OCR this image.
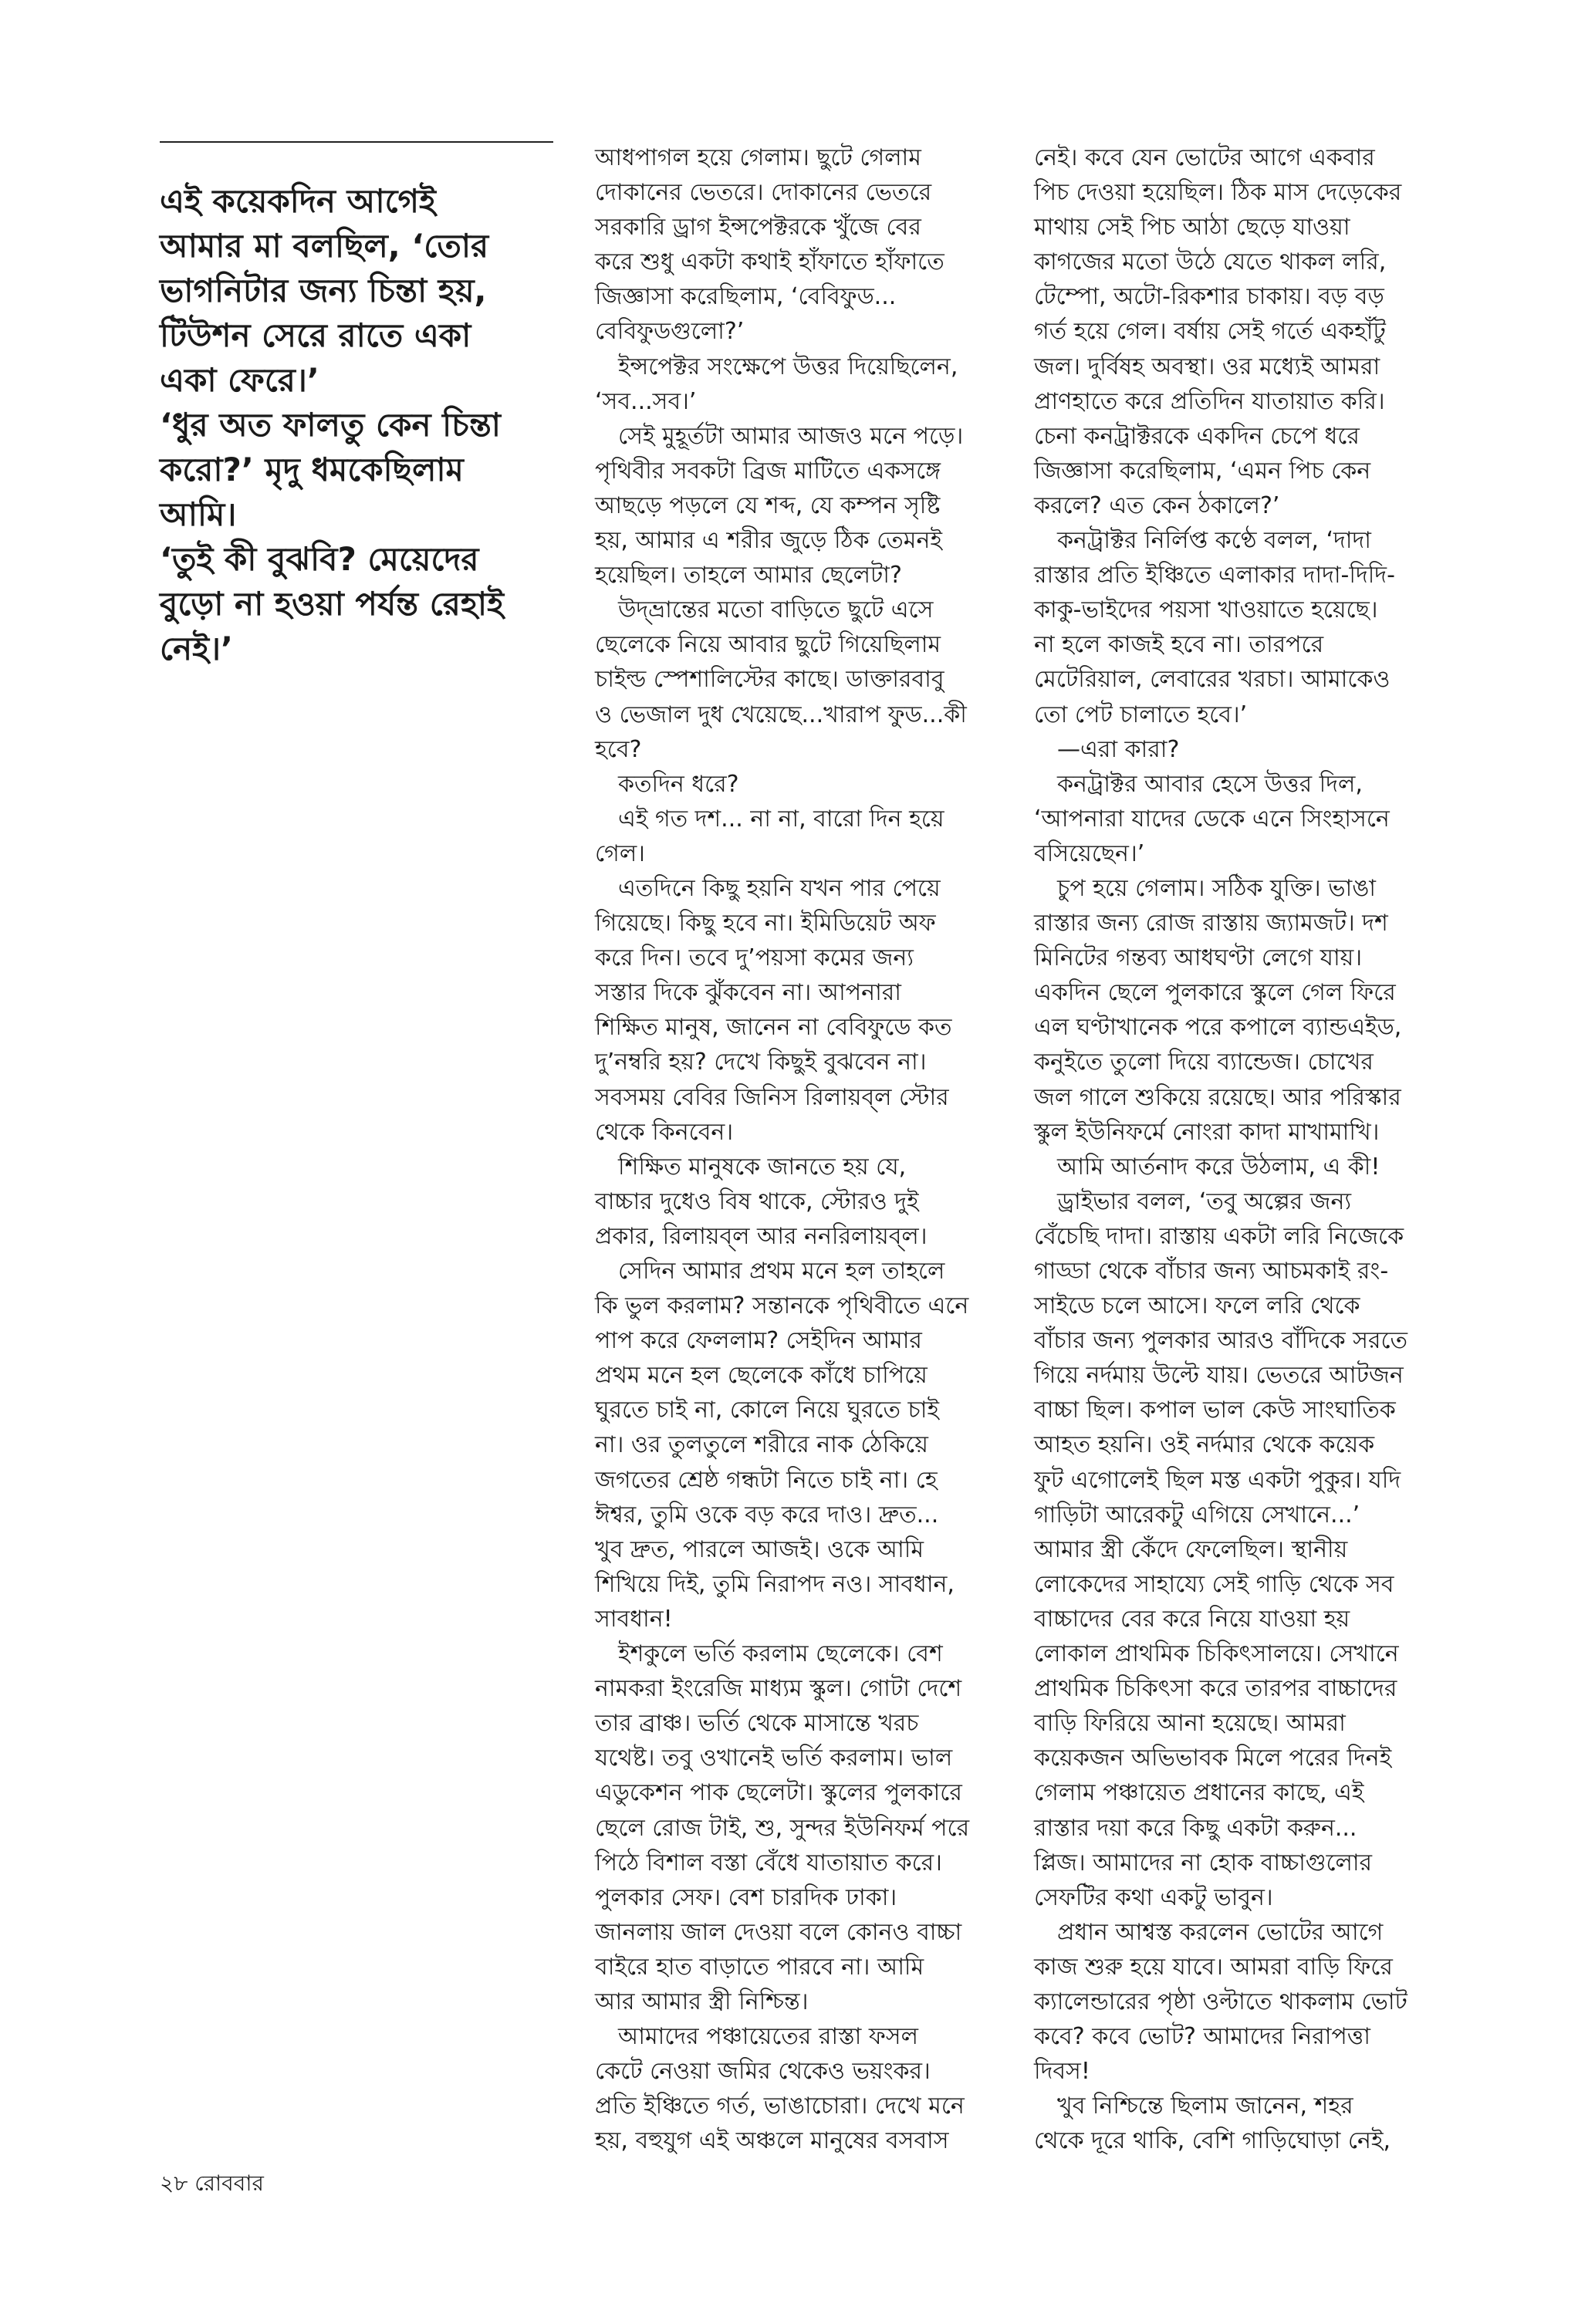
এই কয়েকদিন আগেই
আমার মা বলছিল, ‘তোর
ভাগনিটার জন্য চিন্তা হয়,
টিউশন সেরে রাতে একা
একা ফেরে।’
‘ধুর অত ফালতু কেন চিন্তা
করো?’ মৃদু ধমকেছিলাম
আমি।
‘তুই কী বুঝবি? মেয়েদের
বুড়ো না হওয়া পর্যন্ত রেহাই
নেই।’
আধপাগল হয়ে গেলাম। ছুটে গেলাম
দোকানের ভেতরে। দোকানের ভেতরে
সরকারি ড্রাগ ইন্সপেক্টরকে খুঁজে বের
করে শুধু একটা কথাই হাঁফাতে হাঁফাতে
জিজ্ঞাসা করেছিলাম, ‘বেবিফুড...
বেবিফুডগুলো?’
ইন্সপেক্টর সংক্ষেপে উত্তর দিয়েছিলেন,
‘সব...সব।’
সেই মুহূর্তটা আমার আজও মনে পড়ে।
পৃথিবীর সবকটা ব্রিজ মাটিতে একসঙ্গে
আছড়ে পড়লে যে শব্দ, যে কম্পন সৃষ্টি
হয়, আমার এ শরীর জুড়ে ঠিক তেমনই
হয়েছিল। তাহলে আমার ছেলেটা?
উদ্‌ভ্রান্তের মতো বাড়িতে ছুটে এসে
ছেলেকে নিয়ে আবার ছুটে গিয়েছিলাম
চাইল্ড স্পেশালিস্টের কাছে। ডাক্তারবাবু
ও ভেজাল দুধ খেয়েছে...খারাপ ফুড...কী
হবে?
কতদিন ধরে?
এই গত দশ... না না, বারো দিন হয়ে
গেল।
এতদিনে কিছু হয়নি যখন পার পেয়ে
গিয়েছে। কিছু হবে না। ইমিডিয়েট অফ
করে দিন। তবে দু’পয়সা কমের জন্য
সস্তার দিকে ঝুঁকবেন না। আপনারা
শিক্ষিত মানুষ, জানেন না বেবিফুডে কত
দু’নম্বরি হয়? দেখে কিছুই বুঝবেন না।
সবসময় বেবির জিনিস রিলায়ব্‌ল স্টোর
থেকে কিনবেন।
শিক্ষিত মানুষকে জানতে হয় যে,
বাচ্চার দুধেও বিষ থাকে, স্টোরও দুই
প্রকার, রিলায়ব্‌ল আর ননরিলায়ব্‌ল।
সেদিন আমার প্রথম মনে হল তাহলে
কি ভুল করলাম? সন্তানকে পৃথিবীতে এনে
পাপ করে ফেললাম? সেইদিন আমার
প্রথম মনে হল ছেলেকে কাঁধে চাপিয়ে
ঘুরতে চাই না, কোলে নিয়ে ঘুরতে চাই
না। ওর তুলতুলে শরীরে নাক ঠেকিয়ে
জগতের শ্রেষ্ঠ গন্ধটা নিতে চাই না। হে
ঈশ্বর, তুমি ওকে বড় করে দাও। দ্রুত...
খুব দ্রুত, পারলে আজই। ওকে আমি
শিখিয়ে দিই, তুমি নিরাপদ নও। সাবধান,
সাবধান!
ইশকুলে ভর্তি করলাম ছেলেকে। বেশ
নামকরা ইংরেজি মাধ্যম স্কুল। গোটা দেশে
তার ব্রাঞ্চ। ভর্তি থেকে মাসান্তে খরচ
যথেষ্ট। তবু ওখানেই ভর্তি করলাম। ভাল
এডুকেশন পাক ছেলেটা। স্কুলের পুলকারে
ছেলে রোজ টাই, শু, সুন্দর ইউনিফর্ম পরে
পিঠে বিশাল বস্তা বেঁধে যাতায়াত করে।
পুলকার সেফ। বেশ চারদিক ঢাকা।
জানলায় জাল দেওয়া বলে কোনও বাচ্চা
বাইরে হাত বাড়াতে পারবে না। আমি
আর আমার স্ত্রী নিশ্চিন্ত।
আমাদের পঞ্চায়েতের রাস্তা ফসল
কেটে নেওয়া জমির থেকেও ভয়ংকর।
প্রতি ইঞ্চিতে গর্ত, ভাঙাচোরা। দেখে মনে
হয়, বহুযুগ এই অঞ্চলে মানুষের বসবাস
নেই। কবে যেন ভোটের আগে একবার
পিচ দেওয়া হয়েছিল। ঠিক মাস দেড়েকের
মাথায় সেই পিচ আঠা ছেড়ে যাওয়া
কাগজের মতো উঠে যেতে থাকল লরি,
টেম্পো, অটো-রিকশার চাকায়। বড় বড়
গর্ত হয়ে গেল। বর্ষায় সেই গর্তে একহাঁটু
জল। দুর্বিষহ অবস্থা। ওর মধ্যেই আমরা
প্রাণহাতে করে প্রতিদিন যাতায়াত করি।
চেনা কনট্রাক্টরকে একদিন চেপে ধরে
জিজ্ঞাসা করেছিলাম, ‘এমন পিচ কেন
করলে? এত কেন ঠকালে?’
কনট্রাক্টর নির্লিপ্ত কণ্ঠে বলল, ‘দাদা
রাস্তার প্রতি ইঞ্চিতে এলাকার দাদা-দিদি-
কাকু-ভাইদের পয়সা খাওয়াতে হয়েছে।
না হলে কাজই হবে না। তারপরে
মেটেরিয়াল, লেবারের খরচা। আমাকেও
তো পেট চালাতে হবে।’
—এরা কারা?
কনট্রাক্টর আবার হেসে উত্তর দিল,
‘আপনারা যাদের ডেকে এনে সিংহাসনে
বসিয়েছেন।’
চুপ হয়ে গেলাম। সঠিক যুক্তি। ভাঙা
রাস্তার জন্য রোজ রাস্তায় জ্যামজট। দশ
মিনিটের গন্তব্য আধঘণ্টা লেগে যায়।
একদিন ছেলে পুলকারে স্কুলে গেল ফিরে
এল ঘণ্টাখানেক পরে কপালে ব্যান্ডএইড,
কনুইতে তুলো দিয়ে ব্যান্ডেজ। চোখের
জল গালে শুকিয়ে রয়েছে। আর পরিস্কার
স্কুল ইউনিফর্মে নোংরা কাদা মাখামাখি।
আমি আর্তনাদ করে উঠলাম, এ কী!
ড্রাইভার বলল, ‘তবু অল্পের জন্য
বেঁচেছি দাদা। রাস্তায় একটা লরি নিজেকে
গাড্ডা থেকে বাঁচার জন্য আচমকাই রং-
সাইডে চলে আসে। ফলে লরি থেকে
বাঁচার জন্য পুলকার আরও বাঁদিকে সরতে
গিয়ে নর্দমায় উল্টে যায়। ভেতরে আটজন
বাচ্চা ছিল। কপাল ভাল কেউ সাংঘাতিক
আহত হয়নি। ওই নর্দমার থেকে কয়েক
ফুট এগোলেই ছিল মস্ত একটা পুকুর। যদি
গাড়িটা আরেকটু এগিয়ে সেখানে...’
আমার স্ত্রী কেঁদে ফেলেছিল। স্থানীয়
লোকেদের সাহায্যে সেই গাড়ি থেকে সব
বাচ্চাদের বের করে নিয়ে যাওয়া হয়
লোকাল প্রাথমিক চিকিৎসালয়ে। সেখানে
প্রাথমিক চিকিৎসা করে তারপর বাচ্চাদের
বাড়ি ফিরিয়ে আনা হয়েছে। আমরা
কয়েকজন অভিভাবক মিলে পরের দিনই
গেলাম পঞ্চায়েত প্রধানের কাছে, এই
রাস্তার দয়া করে কিছু একটা করুন...
প্লিজ। আমাদের না হোক বাচ্চাগুলোর
সেফটির কথা একটু ভাবুন।
প্রধান আশ্বস্ত করলেন ভোটের আগে
কাজ শুরু হয়ে যাবে। আমরা বাড়ি ফিরে
ক্যালেন্ডারের পৃষ্ঠা ওল্টাতে থাকলাম ভোট
কবে? কবে ভোট? আমাদের নিরাপত্তা
দিবস!
খুব নিশ্চিন্তে ছিলাম জানেন, শহর
থেকে দূরে থাকি, বেশি গাড়িঘোড়া নেই,
২৮ রোববার
